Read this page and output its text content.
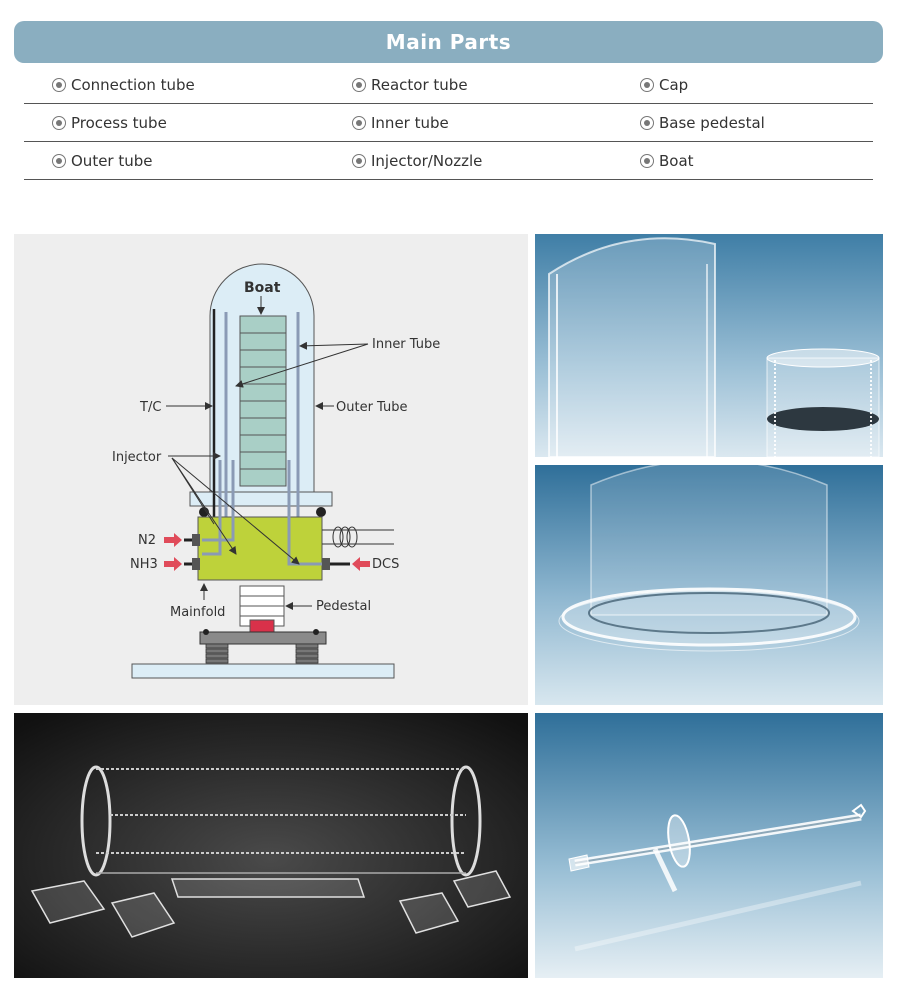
Main Parts
Connection tube	Reactor tube	Cap
Process tube	Inner tube	Base pedestal
Outer tube	Injector/Nozzle	Boat
Boat
Inner Tube
Outer Tube
T/C
Injector
N2
NH3	DCS
Mainfold	Pedestal
